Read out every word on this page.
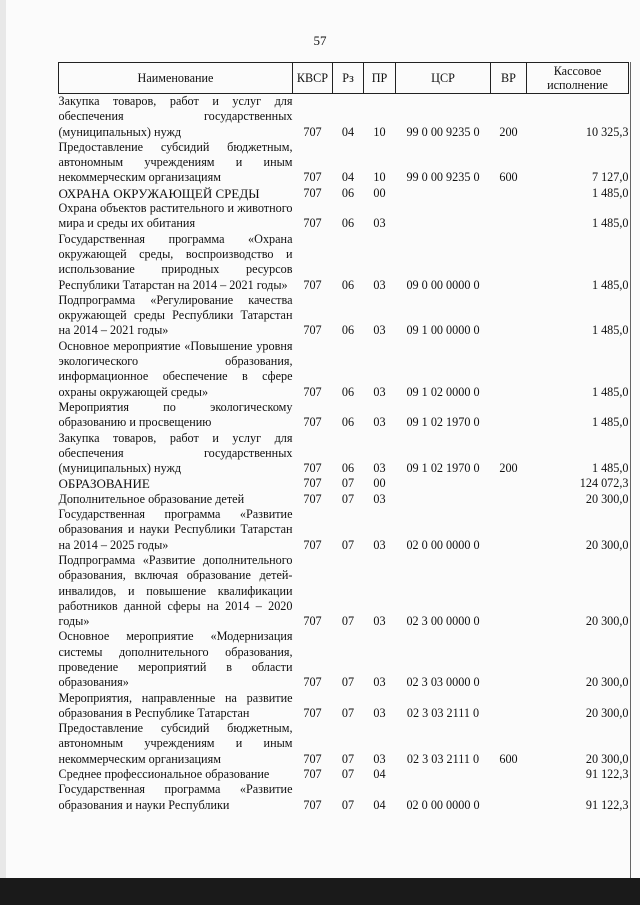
57
Наименование	КВСР	Рз	ПР	ЦСР	ВР	Кассовое исполнение
Закупка товаров, работ и услуг для обеспечения государственных (муниципальных) нужд	707	04	10	99 0 00 9235 0	200	10 325,3
Предоставление субсидий бюджетным, автономным учреждениям и иным некоммерческим организациям	707	04	10	99 0 00 9235 0	600	7 127,0
ОХРАНА ОКРУЖАЮЩЕЙ СРЕДЫ	707	06	00			1 485,0
Охрана объектов растительного и животного мира и среды их обитания	707	06	03			1 485,0
Государственная программа «Охрана окружающей среды, воспроизводство и использование природных ресурсов Республики Татарстан на 2014 – 2021 годы»	707	06	03	09 0 00 0000 0		1 485,0
Подпрограмма «Регулирование качества окружающей среды Республики Татарстан на 2014 – 2021 годы»	707	06	03	09 1 00 0000 0		1 485,0
Основное мероприятие «Повышение уровня экологического образования, информационное обеспечение в сфере охраны окружающей среды»	707	06	03	09 1 02 0000 0		1 485,0
Мероприятия по экологическому образованию и просвещению	707	06	03	09 1 02 1970 0		1 485,0
Закупка товаров, работ и услуг для обеспечения государственных (муниципальных) нужд	707	06	03	09 1 02 1970 0	200	1 485,0
ОБРАЗОВАНИЕ	707	07	00			124 072,3
Дополнительное образование детей	707	07	03			20 300,0
Государственная программа «Развитие образования и науки Республики Татарстан на 2014 – 2025 годы»	707	07	03	02 0 00 0000 0		20 300,0
Подпрограмма «Развитие дополнительного образования, включая образование детей-инвалидов, и повышение квалификации работников данной сферы на 2014 – 2020 годы»	707	07	03	02 3 00 0000 0		20 300,0
Основное мероприятие «Модернизация системы дополнительного образования, проведение мероприятий в области образования»	707	07	03	02 3 03 0000 0		20 300,0
Мероприятия, направленные на развитие образования в Республике Татарстан	707	07	03	02 3 03 2111 0		20 300,0
Предоставление субсидий бюджетным, автономным учреждениям и иным некоммерческим организациям	707	07	03	02 3 03 2111 0	600	20 300,0
Среднее профессиональное образование	707	07	04			91 122,3
Государственная программа «Развитие образования и науки Республики	707	07	04	02 0 00 0000 0		91 122,3
